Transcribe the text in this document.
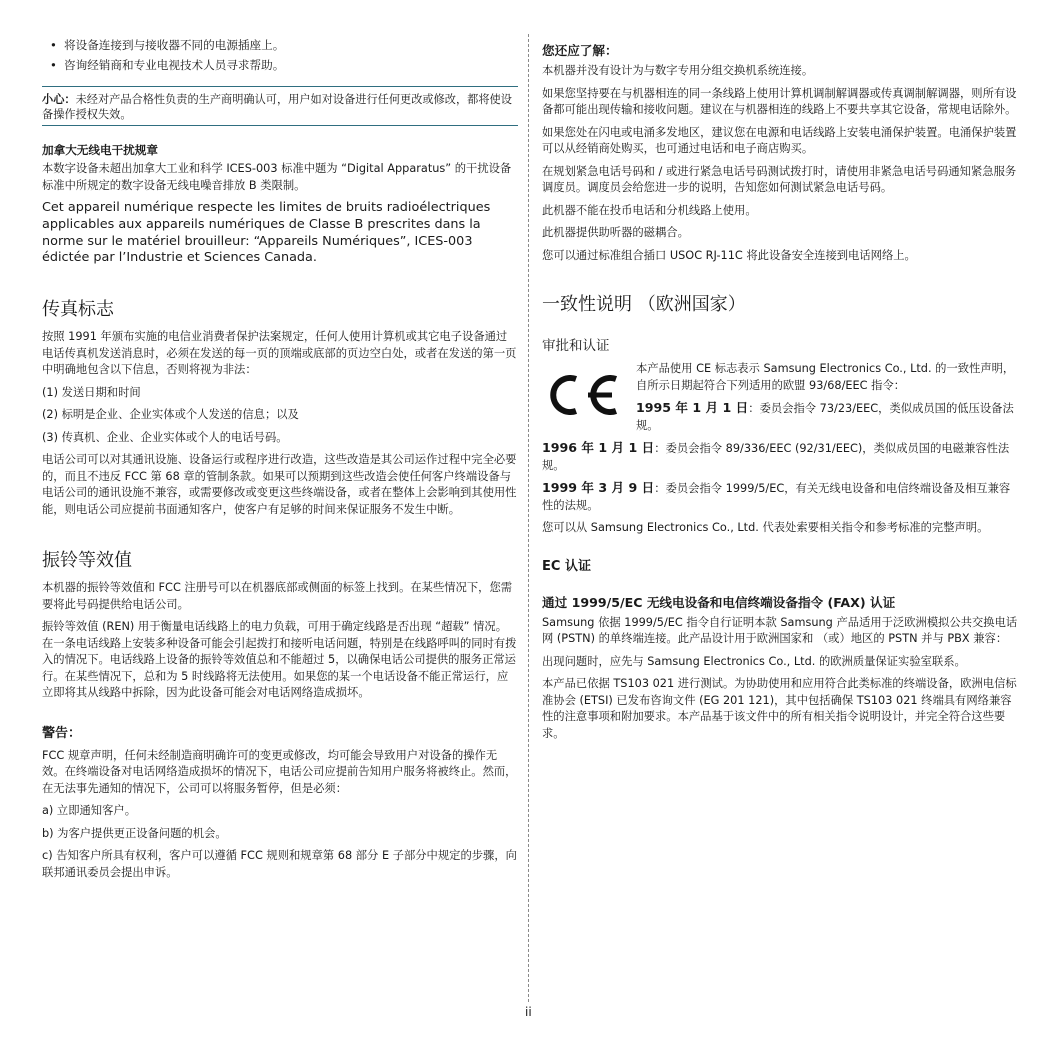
• 将设备连接到与接收器不同的电源插座上。
• 咨询经销商和专业电视技术人员寻求帮助。
小心：未经对产品合格性负责的生产商明确认可，用户如对设备进行任何更改或修改，都将使设备操作授权失效。
加拿大无线电干扰规章

本数字设备未超出加拿大工业和科学 ICES-003 标准中题为 “Digital Apparatus” 的干扰设备标准中所规定的数字设备无线电噪音排放 B 类限制。

Cet appareil numérique respecte les limites de bruits radioélectriques applicables aux appareils numériques de Classe B prescrites dans la norme sur le matériel brouilleur: “Appareils Numériques”, ICES-003 édictée par l’Industrie et Sciences Canada.

传真标志

按照 1991 年颁布实施的电信业消费者保护法案规定，任何人使用计算机或其它电子设备通过电话传真机发送消息时，必须在发送的每一页的顶端或底部的页边空白处，或者在发送的第一页中明确地包含以下信息，否则将视为非法：

(1) 发送日期和时间

(2) 标明是企业、企业实体或个人发送的信息；以及

(3) 传真机、企业、企业实体或个人的电话号码。

电话公司可以对其通讯设施、设备运行或程序进行改造，这些改造是其公司运作过程中完全必要的，而且不违反 FCC 第 68 章的管制条款。如果可以预期到这些改造会使任何客户终端设备与电话公司的通讯设施不兼容，或需要修改或变更这些终端设备，或者在整体上会影响到其使用性能，则电话公司应提前书面通知客户，使客户有足够的时间来保证服务不发生中断。

振铃等效值

本机器的振铃等效值和 FCC 注册号可以在机器底部或侧面的标签上找到。在某些情况下，您需要将此号码提供给电话公司。

振铃等效值 (REN) 用于衡量电话线路上的电力负载，可用于确定线路是否出现 “超载” 情况。在一条电话线路上安装多种设备可能会引起拨打和接听电话问题，特别是在线路呼叫的同时有拨入的情况下。电话线路上设备的振铃等效值总和不能超过 5，以确保电话公司提供的服务正常运行。在某些情况下，总和为 5 时线路将无法使用。如果您的某一个电话设备不能正常运行，应立即将其从线路中拆除，因为此设备可能会对电话网络造成损坏。

警告：

FCC 规章声明，任何未经制造商明确许可的变更或修改，均可能会导致用户对设备的操作无效。在终端设备对电话网络造成损坏的情况下，电话公司应提前告知用户服务将被终止。然而，在无法事先通知的情况下，公司可以将服务暂停，但是必须：

a) 立即通知客户。

b) 为客户提供更正设备问题的机会。

c) 告知客户所具有权利，客户可以遵循 FCC 规则和规章第 68 部分 E 子部分中规定的步骤，向联邦通讯委员会提出申诉。

您还应了解：

本机器并没有设计为与数字专用分组交换机系统连接。

如果您坚持要在与机器相连的同一条线路上使用计算机调制解调器或传真调制解调器，则所有设备都可能出现传输和接收问题。建议在与机器相连的线路上不要共享其它设备，常规电话除外。

如果您处在闪电或电涌多发地区，建议您在电源和电话线路上安装电涌保护装置。电涌保护装置可以从经销商处购买，也可通过电话和电子商店购买。

在规划紧急电话号码和 / 或进行紧急电话号码测试拨打时，请使用非紧急电话号码通知紧急服务调度员。调度员会给您进一步的说明，告知您如何测试紧急电话号码。

此机器不能在投币电话和分机线路上使用。

此机器提供助听器的磁耦合。

您可以通过标准组合插口 USOC RJ-11C 将此设备安全连接到电话网络上。

一致性说明 （欧洲国家）
审批和认证

本产品使用 CE 标志表示 Samsung Electronics Co., Ltd. 的一致性声明，自所示日期起符合下列适用的欧盟 93/68/EEC 指令：

1995 年 1 月 1 日：委员会指令 73/23/EEC，类似成员国的低压设备法规。

1996 年 1 月 1 日：委员会指令 89/336/EEC (92/31/EEC)，类似成员国的电磁兼容性法规。

1999 年 3 月 9 日：委员会指令 1999/5/EC，有关无线电设备和电信终端设备及相互兼容性的法规。

您可以从 Samsung Electronics Co., Ltd. 代表处索要相关指令和参考标准的完整声明。

EC 认证
通过 1999/5/EC 无线电设备和电信终端设备指令 (FAX) 认证

Samsung 依据 1999/5/EC 指令自行证明本款 Samsung 产品适用于泛欧洲模拟公共交换电话网 (PSTN) 的单终端连接。此产品设计用于欧洲国家和 （或）地区的 PSTN 并与 PBX 兼容：

出现问题时，应先与 Samsung Electronics Co., Ltd. 的欧洲质量保证实验室联系。

本产品已依据 TS103 021 进行测试。为协助使用和应用符合此类标准的终端设备，欧洲电信标准协会 (ETSI) 已发布咨询文件 (EG 201 121)，其中包括确保 TS103 021 终端具有网络兼容性的注意事项和附加要求。本产品基于该文件中的所有相关指令说明设计，并完全符合这些要求。

ii
